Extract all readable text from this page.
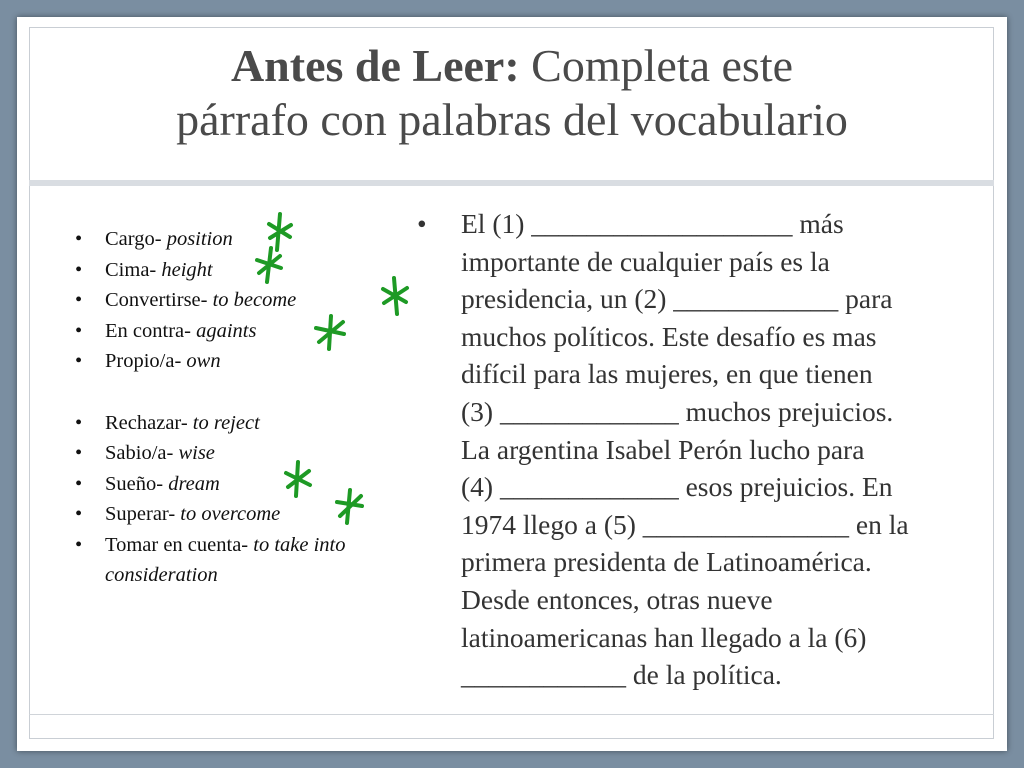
Antes de Leer: Completa este
párrafo con palabras del vocabulario
• Cargo- position
• Cima- height
• Convertirse- to become
• En contra- againts
• Propio/a- own
• Rechazar- to reject
• Sabio/a- wise
• Sueño- dream
• Superar- to overcome
• Tomar en cuenta- to take into consideration
• El (1) ___________________ más
importante de cualquier país es la
presidencia, un (2) ____________ para
muchos políticos. Este desafío es mas
difícil para las mujeres, en que tienen
(3) _____________ muchos prejuicios.
La argentina Isabel Perón lucho para
(4) _____________ esos prejuicios. En
1974 llego a (5) _______________ en la
primera presidenta de Latinoamérica.
Desde entonces, otras nueve
latinoamericanas han llegado a la (6)
____________ de la política.
